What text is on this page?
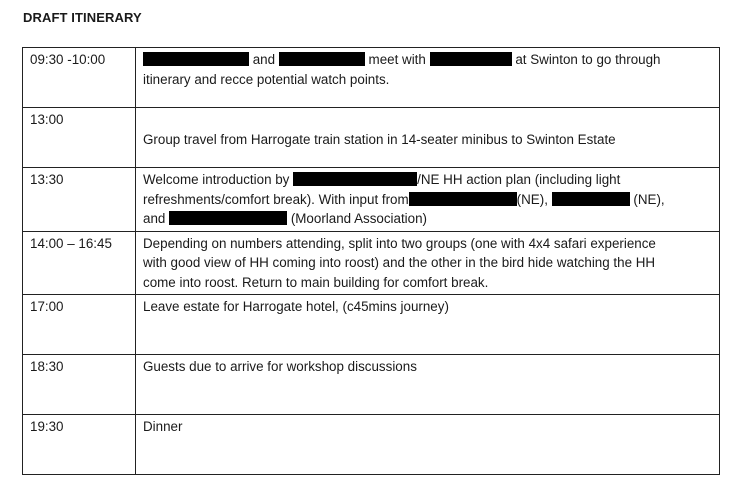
DRAFT ITINERARY
09:30 -10:00	and meet with at Swinton to go through
itinerary and recce potential watch points.

13:00	Group travel from Harrogate train station in 14-seater minibus to Swinton Estate

13:30	Welcome introduction by /NE HH action plan (including light
refreshments/comfort break). With input from (NE), (NE),
and (Moorland Association)

14:00 – 16:45	Depending on numbers attending, split into two groups (one with 4x4 safari experience
with good view of HH coming into roost) and the other in the bird hide watching the HH
come into roost. Return to main building for comfort break.

17:00	Leave estate for Harrogate hotel, (c45mins journey)

18:30	Guests due to arrive for workshop discussions

19:30	Dinner
